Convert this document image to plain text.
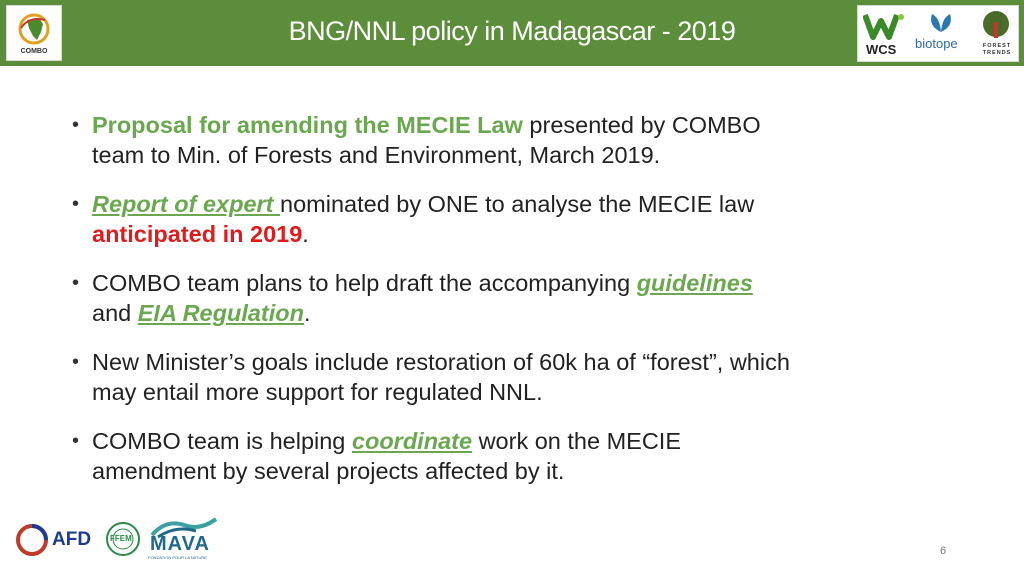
BNG/NNL policy in Madagascar - 2019
COMBO	WCS biotope	FOREST TRENDS
• Proposal for amending the MECIE Law presented by COMBO team to Min. of Forests and Environment, March 2019.
• Report of expert nominated by ONE to analyse the MECIE law anticipated in 2019.
• COMBO team plans to help draft the accompanying guidelines and EIA Regulation.
• New Minister’s goals include restoration of 60k ha of “forest”, which may entail more support for regulated NNL.
• COMBO team is helping coordinate work on the MECIE amendment by several projects affected by it.
AFD FFEM MAVA
FONDATION POUR LA NATURE
6
